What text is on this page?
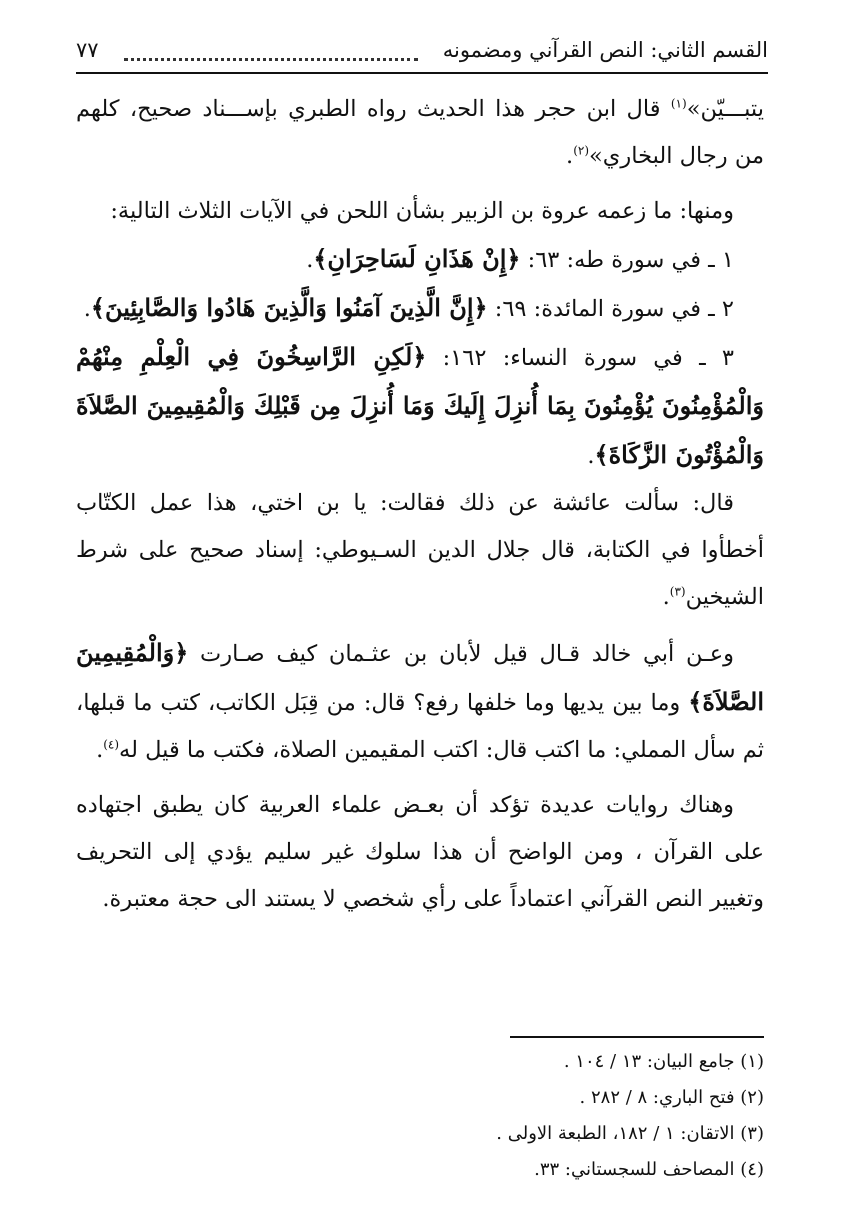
القسم الثاني: النص القرآني ومضمونه
٧٧

يتبـــيّن»$^{(١)}$ قال ابن حجر هذا الحديث رواه الطبري بإســـناد صحيح، كلهم من رجال البخاري»$^{(٢)}$.

ومنها: ما زعمه عروة بن الزبير بشأن اللحن في الآيات الثلاث التالية:

١ ـ في سورة طه: ٦٣: ﴿إِنْ هَذَانِ لَسَاحِرَانِ﴾.

٢ ـ في سورة المائدة: ٦٩: ﴿إِنَّ الَّذِينَ آمَنُوا وَالَّذِينَ هَادُوا وَالصَّابِئِينَ﴾.

٣ ـ في سورة النساء: ١٦٢: ﴿لَكِنِ الرَّاسِخُونَ فِي الْعِلْمِ مِنْهُمْ وَالْمُؤْمِنُونَ يُؤْمِنُونَ بِمَا أُنزِلَ إِلَيكَ وَمَا أُنزِلَ مِن قَبْلِكَ وَالْمُقِيمِينَ الصَّلاَةَ وَالْمُؤْتُونَ الزَّكَاةَ﴾.

قال: سألت عائشة عن ذلك فقالت: يا بن اختي، هذا عمل الكتّاب أخطأوا في الكتابة، قال جلال الدين السـيوطي: إسناد صحيح على شرط الشيخين$^{(٣)}$.

وعـن أبي خالد قـال قيل لأبان بن عثـمان كيف صـارت ﴿وَالْمُقِيمِينَ الصَّلاَةَ﴾ وما بين يديها وما خلفها رفع؟ قال: من قِبَل الكاتب، كتب ما قبلها، ثم سأل المملي: ما اكتب قال: اكتب المقيمين الصلاة، فكتب ما قيل له$^{(٤)}$.

وهناك روايات عديدة تؤكد أن بعـض علماء العربية كان يطبق اجتهاده على القرآن ، ومن الواضح أن هذا سلوك غير سليم يؤدي إلى التحريف وتغيير النص القرآني اعتماداً على رأي شخصي لا يستند الى حجة معتبرة.

(١) جامع البيان: ١٣ / ١٠٤ .
(٢) فتح الباري: ٨ / ٢٨٢ .
(٣) الاتقان: ١ / ١٨٢، الطبعة الاولى .
(٤) المصاحف للسجستاني: ٣٣.
